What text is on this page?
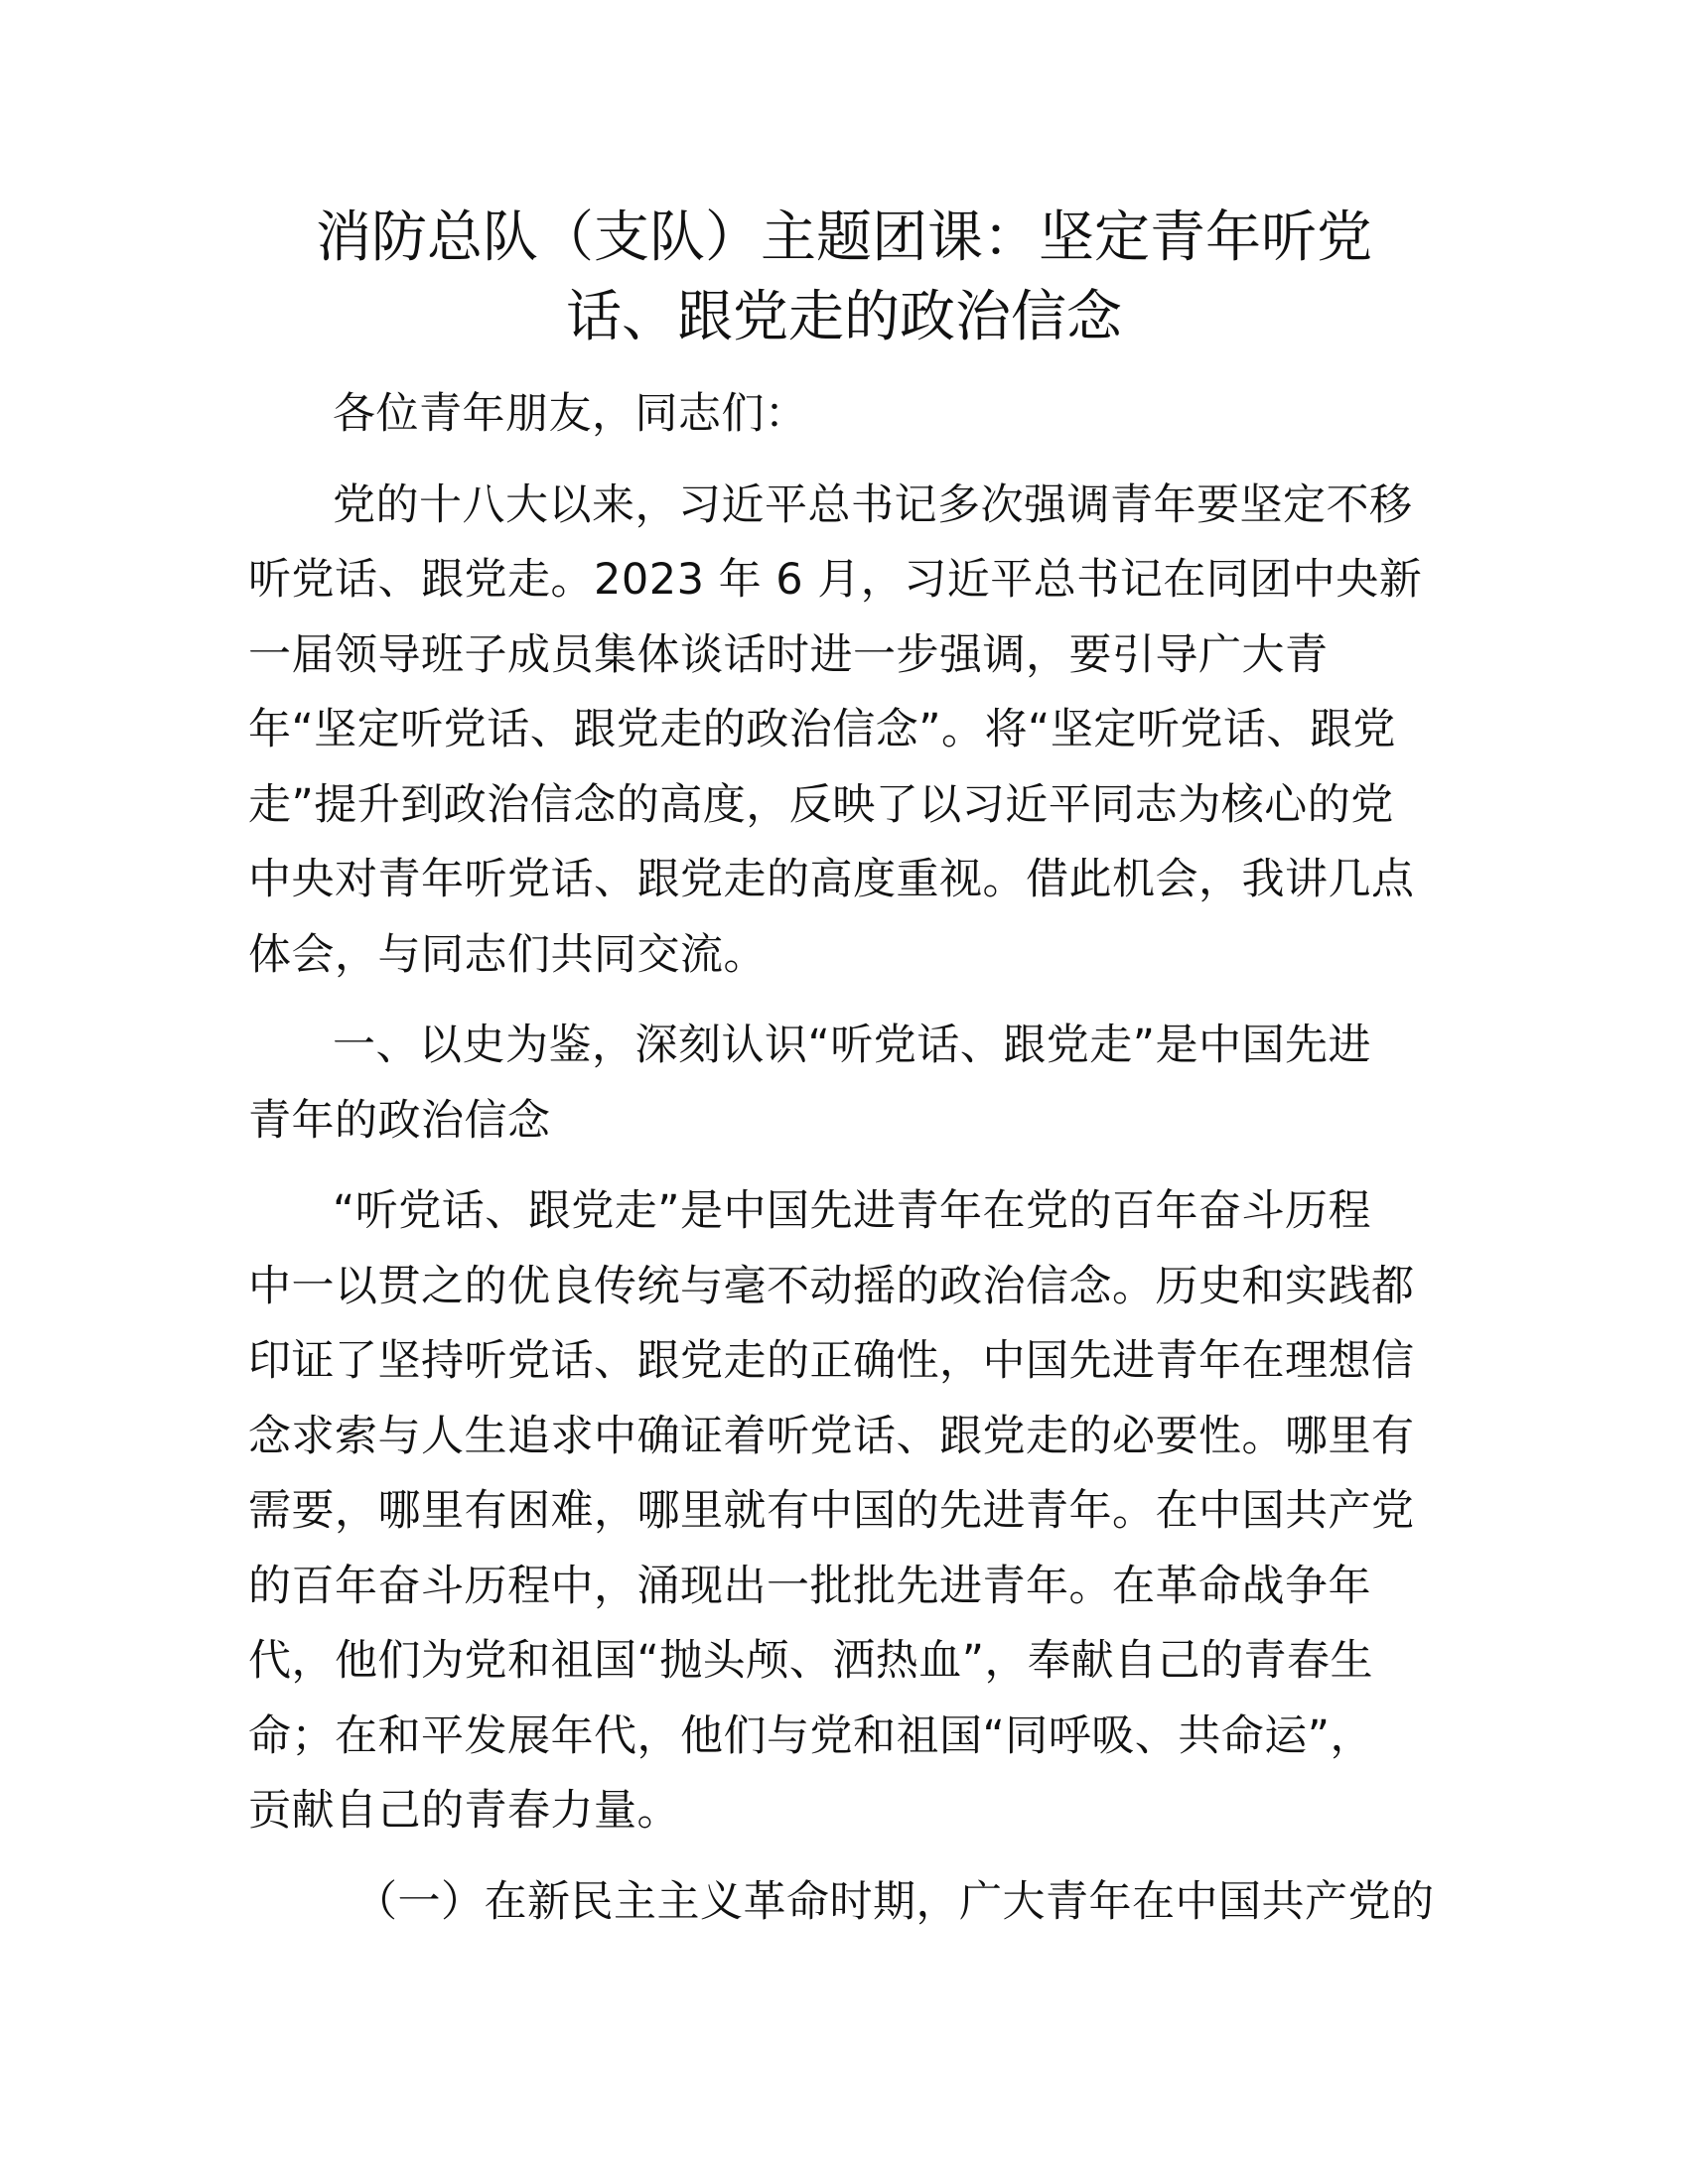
消防总队（支队）主题团课：坚定青年听党
话、跟党走的政治信念

各位青年朋友，同志们：

党的十八大以来，习近平总书记多次强调青年要坚定不移
听党话、跟党走。2023 年 6 月，习近平总书记在同团中央新
一届领导班子成员集体谈话时进一步强调，要引导广大青
年“坚定听党话、跟党走的政治信念”。将“坚定听党话、跟党
走”提升到政治信念的高度，反映了以习近平同志为核心的党
中央对青年听党话、跟党走的高度重视。借此机会，我讲几点
体会，与同志们共同交流。

一、以史为鉴，深刻认识“听党话、跟党走”是中国先进
青年的政治信念

“听党话、跟党走”是中国先进青年在党的百年奋斗历程
中一以贯之的优良传统与毫不动摇的政治信念。历史和实践都
印证了坚持听党话、跟党走的正确性，中国先进青年在理想信
念求索与人生追求中确证着听党话、跟党走的必要性。哪里有
需要，哪里有困难，哪里就有中国的先进青年。在中国共产党
的百年奋斗历程中，涌现出一批批先进青年。在革命战争年
代，他们为党和祖国“抛头颅、洒热血”，奉献自己的青春生
命；在和平发展年代，他们与党和祖国“同呼吸、共命运”，
贡献自己的青春力量。

（一）在新民主主义革命时期，广大青年在中国共产党的
